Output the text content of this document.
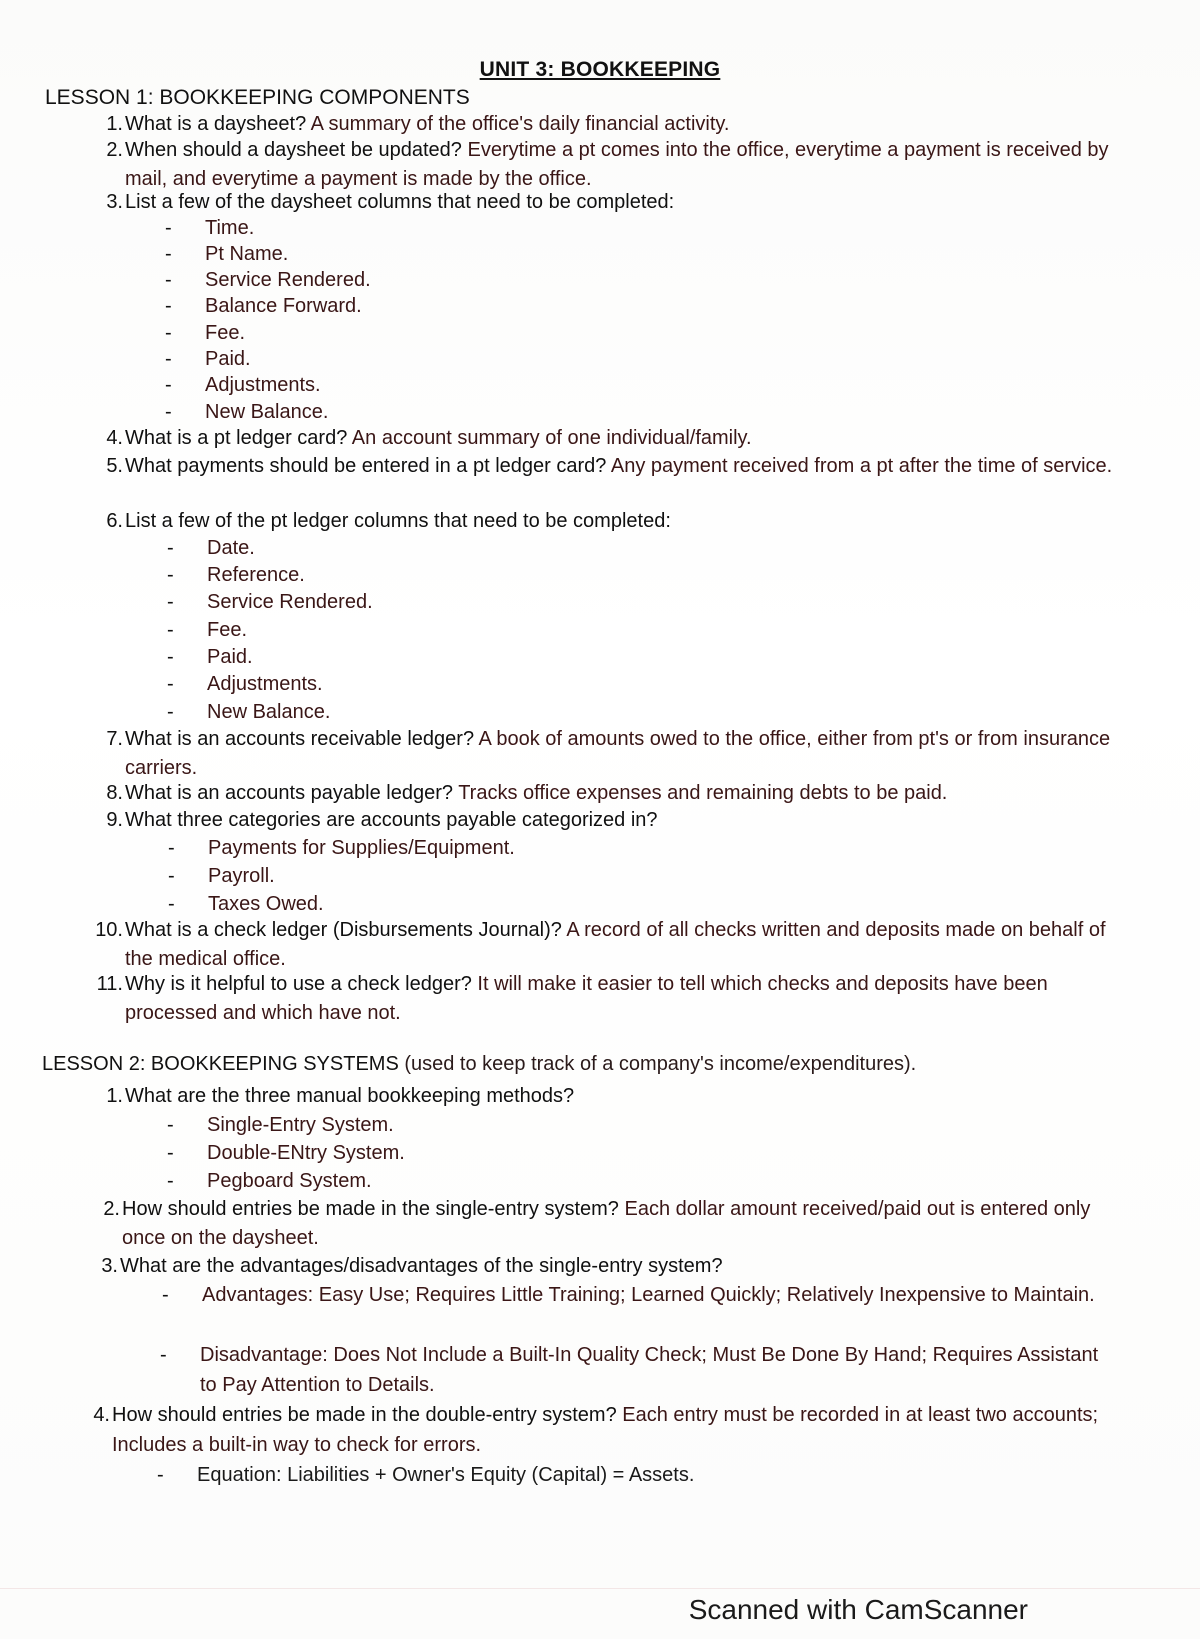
UNIT 3: BOOKKEEPING
LESSON 1: BOOKKEEPING COMPONENTS
1. What is a daysheet? A summary of the office's daily financial activity.
2. When should a daysheet be updated? Everytime a pt comes into the office, everytime a payment is received by mail, and everytime a payment is made by the office.
3. List a few of the daysheet columns that need to be completed:
- Time.
- Pt Name.
- Service Rendered.
- Balance Forward.
- Fee.
- Paid.
- Adjustments.
- New Balance.
4. What is a pt ledger card? An account summary of one individual/family.
5. What payments should be entered in a pt ledger card? Any payment received from a pt after the time of service.
6. List a few of the pt ledger columns that need to be completed:
- Date.
- Reference.
- Service Rendered.
- Fee.
- Paid.
- Adjustments.
- New Balance.
7. What is an accounts receivable ledger? A book of amounts owed to the office, either from pt's or from insurance carriers.
8. What is an accounts payable ledger? Tracks office expenses and remaining debts to be paid.
9. What three categories are accounts payable categorized in?
- Payments for Supplies/Equipment.
- Payroll.
- Taxes Owed.
10. What is a check ledger (Disbursements Journal)? A record of all checks written and deposits made on behalf of the medical office.
11. Why is it helpful to use a check ledger? It will make it easier to tell which checks and deposits have been processed and which have not.
LESSON 2: BOOKKEEPING SYSTEMS (used to keep track of a company's income/expenditures).
1. What are the three manual bookkeeping methods?
- Single-Entry System.
- Double-ENtry System.
- Pegboard System.
2. How should entries be made in the single-entry system? Each dollar amount received/paid out is entered only once on the daysheet.
3. What are the advantages/disadvantages of the single-entry system?
- Advantages: Easy Use; Requires Little Training; Learned Quickly; Relatively Inexpensive to Maintain.
- Disadvantage: Does Not Include a Built-In Quality Check; Must Be Done By Hand; Requires Assistant to Pay Attention to Details.
4. How should entries be made in the double-entry system? Each entry must be recorded in at least two accounts; Includes a built-in way to check for errors.
- Equation: Liabilities + Owner's Equity (Capital) = Assets.
Scanned with CamScanner
